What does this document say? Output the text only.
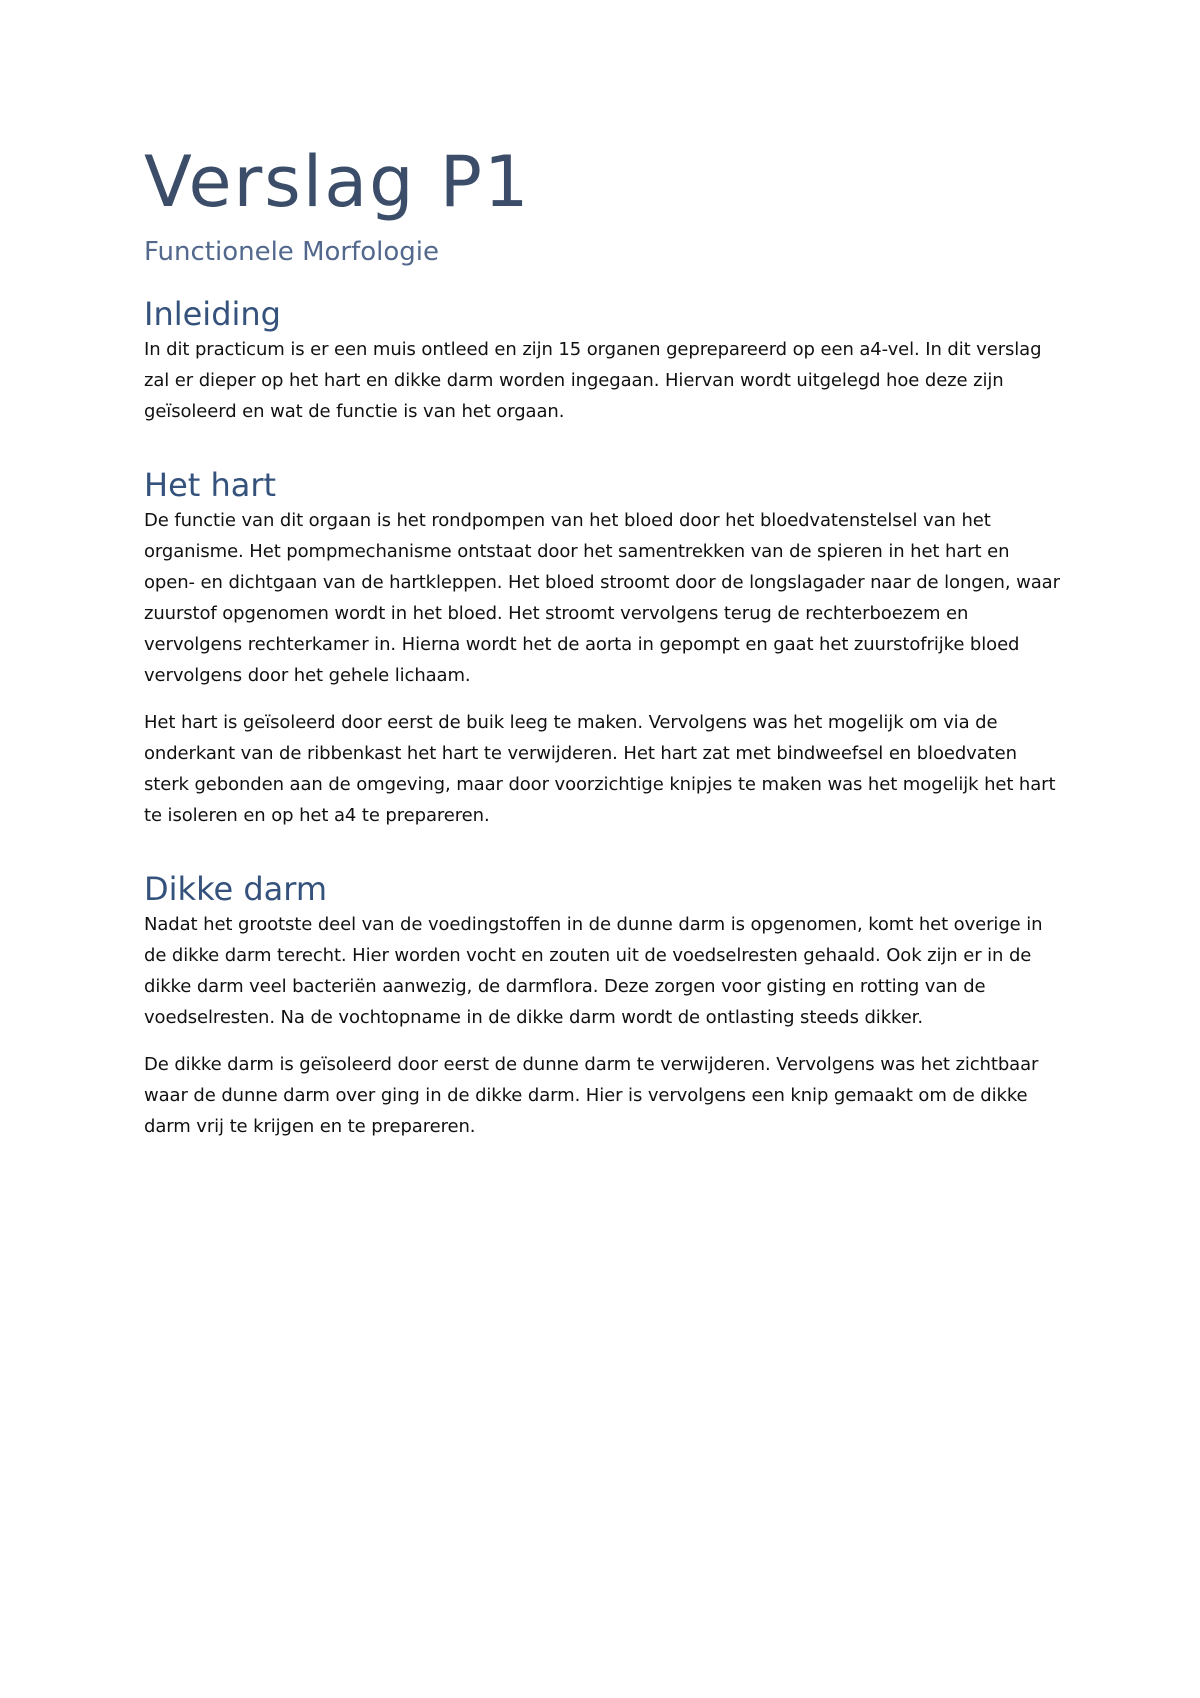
Verslag P1
Functionele Morfologie
Inleiding

In dit practicum is er een muis ontleed en zijn 15 organen geprepareerd op een a4-vel. In dit verslag zal er dieper op het hart en dikke darm worden ingegaan. Hiervan wordt uitgelegd hoe deze zijn geïsoleerd en wat de functie is van het orgaan.

Het hart

De functie van dit orgaan is het rondpompen van het bloed door het bloedvatenstelsel van het organisme. Het pompmechanisme ontstaat door het samentrekken van de spieren in het hart en open- en dichtgaan van de hartkleppen. Het bloed stroomt door de longslagader naar de longen, waar zuurstof opgenomen wordt in het bloed. Het stroomt vervolgens terug de rechterboezem en vervolgens rechterkamer in. Hierna wordt het de aorta in gepompt en gaat het zuurstofrijke bloed vervolgens door het gehele lichaam.

Het hart is geïsoleerd door eerst de buik leeg te maken. Vervolgens was het mogelijk om via de onderkant van de ribbenkast het hart te verwijderen. Het hart zat met bindweefsel en bloedvaten sterk gebonden aan de omgeving, maar door voorzichtige knipjes te maken was het mogelijk het hart te isoleren en op het a4 te prepareren.

Dikke darm

Nadat het grootste deel van de voedingstoffen in de dunne darm is opgenomen, komt het overige in de dikke darm terecht. Hier worden vocht en zouten uit de voedselresten gehaald. Ook zijn er in de dikke darm veel bacteriën aanwezig, de darmflora. Deze zorgen voor gisting en rotting van de voedselresten. Na de vochtopname in de dikke darm wordt de ontlasting steeds dikker.

De dikke darm is geïsoleerd door eerst de dunne darm te verwijderen. Vervolgens was het zichtbaar waar de dunne darm over ging in de dikke darm. Hier is vervolgens een knip gemaakt om de dikke darm vrij te krijgen en te prepareren.
